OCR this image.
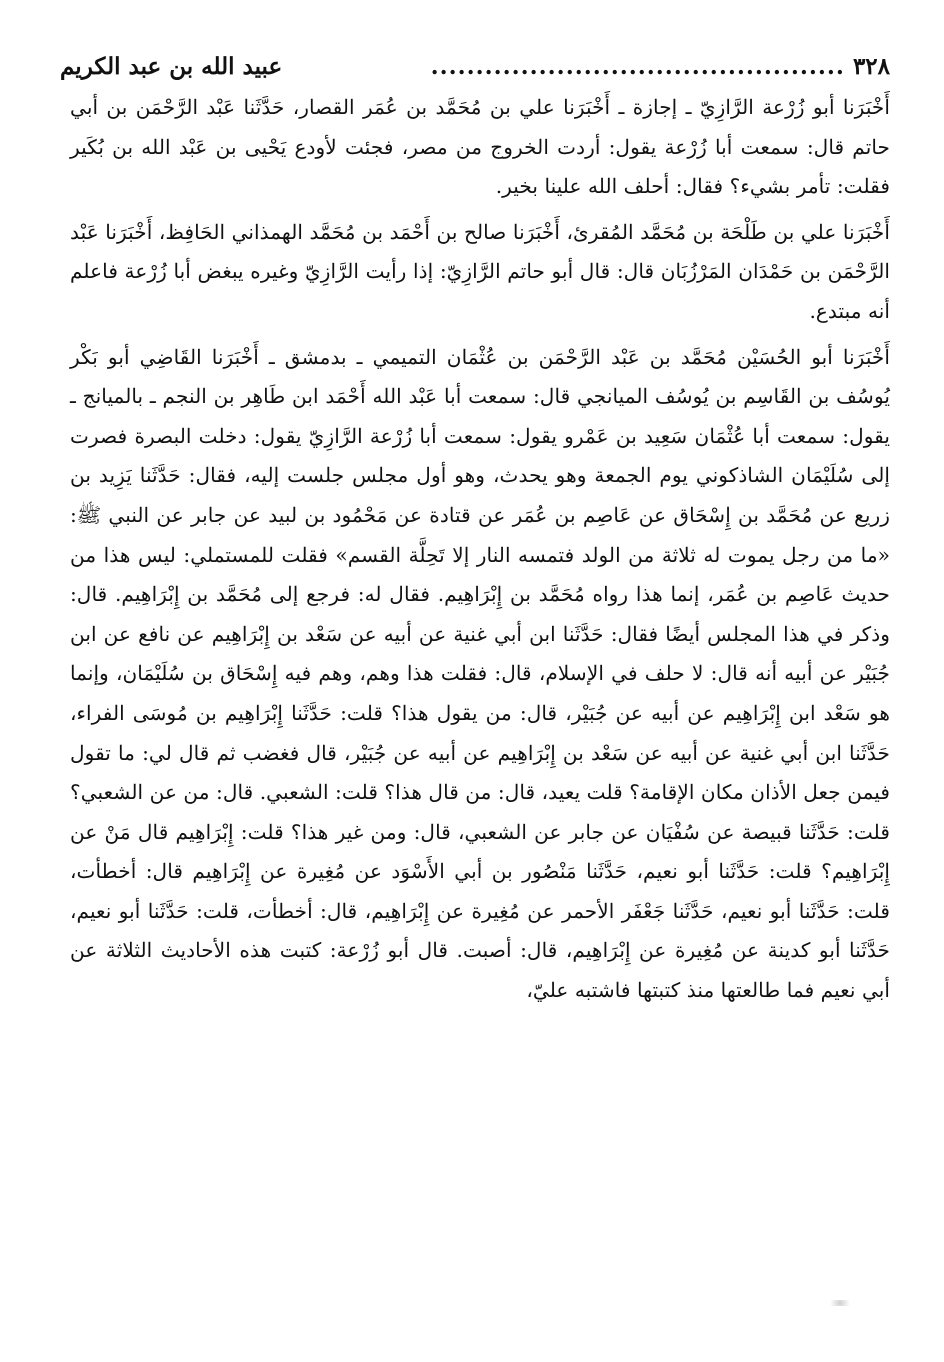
٣٢٨ ..............................................
عبيد الله بن عبد الكريم

أَخْبَرَنا أبو زُرْعة الرَّازِيّ ـ إجازة ـ أَخْبَرَنا علي بن مُحَمَّد بن عُمَر القصار، حَدَّثَنا عَبْد الرَّحْمَن بن أبي حاتم قال: سمعت أبا زُرْعة يقول: أردت الخروج من مصر، فجئت لأودع يَحْيى بن عَبْد الله بن بُكَير فقلت: تأمر بشيء؟ فقال: أحلف الله علينا بخير.

أَخْبَرَنا علي بن طَلْحَة بن مُحَمَّد المُقرئ، أَخْبَرَنا صالح بن أَحْمَد بن مُحَمَّد الهمذاني الحَافِظ، أَخْبَرَنا عَبْد الرَّحْمَن بن حَمْدَان المَرْزُبَان قال: قال أبو حاتم الرَّازِيّ: إذا رأيت الرَّازِيّ وغيره يبغض أبا زُرْعة فاعلم أنه مبتدع.

أَخْبَرَنا أبو الحُسَيْن مُحَمَّد بن عَبْد الرَّحْمَن بن عُثْمَان التميمي ـ بدمشق ـ أَخْبَرَنا القَاضِي أبو بَكْر يُوسُف بن القَاسِم بن يُوسُف الميانجي قال: سمعت أبا عَبْد الله أَحْمَد ابن طَاهِر بن النجم ـ بالميانج ـ يقول: سمعت أبا عُثْمَان سَعِيد بن عَمْرو يقول: سمعت أبا زُرْعة الرَّازِيّ يقول: دخلت البصرة فصرت إلى سُلَيْمَان الشاذكوني يوم الجمعة وهو يحدث، وهو أول مجلس جلست إليه، فقال: حَدَّثَنا يَزِيد بن زريع عن مُحَمَّد بن إِسْحَاق عن عَاصِم بن عُمَر عن قتادة عن مَحْمُود بن لبيد عن جابر عن النبي ﷺ: «ما من رجل يموت له ثلاثة من الولد فتمسه النار إلا تَحِلَّة القسم» فقلت للمستملي: ليس هذا من حديث عَاصِم بن عُمَر، إنما هذا رواه مُحَمَّد بن إِبْرَاهِيم. فقال له: فرجع إلى مُحَمَّد بن إِبْرَاهِيم. قال: وذكر في هذا المجلس أيضًا فقال: حَدَّثَنا ابن أبي غنية عن أبيه عن سَعْد بن إِبْرَاهِيم عن نافع عن ابن جُبَيْر عن أبيه أنه قال: لا حلف في الإسلام، قال: فقلت هذا وهم، وهم فيه إِسْحَاق بن سُلَيْمَان، وإنما هو سَعْد ابن إِبْرَاهِيم عن أبيه عن جُبَيْر، قال: من يقول هذا؟ قلت: حَدَّثَنا إِبْرَاهِيم بن مُوسَى الفراء، حَدَّثَنا ابن أبي غنية عن أبيه عن سَعْد بن إِبْرَاهِيم عن أبيه عن جُبَيْر، قال فغضب ثم قال لي: ما تقول فيمن جعل الأذان مكان الإقامة؟ قلت يعيد، قال: من قال هذا؟ قلت: الشعبي. قال: من عن الشعبي؟ قلت: حَدَّثَنا قبيصة عن سُفْيَان عن جابر عن الشعبي، قال: ومن غير هذا؟ قلت: إِبْرَاهِيم قال مَنْ عن إِبْرَاهِيم؟ قلت: حَدَّثَنا أبو نعيم، حَدَّثَنا مَنْصُور بن أبي الأَسْوَد عن مُغِيرة عن إِبْرَاهِيم قال: أخطأت، قلت: حَدَّثَنا أبو نعيم، حَدَّثَنا جَعْفَر الأحمر عن مُغِيرة عن إِبْرَاهِيم، قال: أخطأت، قلت: حَدَّثَنا أبو نعيم، حَدَّثَنا أبو كدينة عن مُغِيرة عن إِبْرَاهِيم، قال: أصبت. قال أبو زُرْعة: كتبت هذه الأحاديث الثلاثة عن أبي نعيم فما طالعتها منذ كتبتها فاشتبه عليّ،
